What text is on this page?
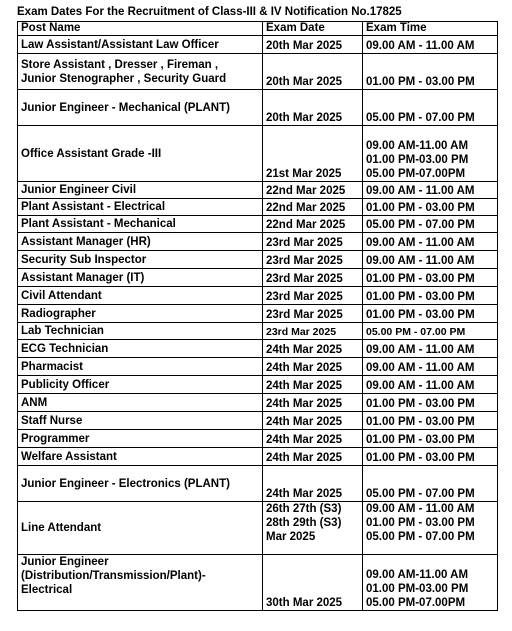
Exam Dates For the Recruitment of Class-III & IV Notification No.17825
Post Name	Exam Date	Exam Time

Law Assistant/Assistant Law Officer	20th Mar 2025	09.00 AM - 11.00 AM

Store Assistant , Dresser , Fireman ,
Junior Stenographer , Security Guard	20th Mar 2025	01.00 PM - 03.00 PM

Junior Engineer - Mechanical (PLANT)	20th Mar 2025	05.00 PM - 07.00 PM

Office Assistant Grade -III	21st Mar 2025	09.00 AM-11.00 AM
01.00 PM-03.00 PM
05.00 PM-07.00PM

Junior Engineer Civil	22nd Mar 2025	09.00 AM - 11.00 AM

Plant Assistant - Electrical	22nd Mar 2025	01.00 PM - 03.00 PM

Plant Assistant - Mechanical	22nd Mar 2025	05.00 PM - 07.00 PM

Assistant Manager (HR)	23rd Mar 2025	09.00 AM - 11.00 AM

Security Sub Inspector	23rd Mar 2025	09.00 AM - 11.00 AM

Assistant Manager (IT)	23rd Mar 2025	01.00 PM - 03.00 PM

Civil Attendant	23rd Mar 2025	01.00 PM - 03.00 PM

Radiographer	23rd Mar 2025	01.00 PM - 03.00 PM

Lab Technician	23rd Mar 2025	05.00 PM - 07.00 PM

ECG Technician	24th Mar 2025	09.00 AM - 11.00 AM

Pharmacist	24th Mar 2025	09.00 AM - 11.00 AM

Publicity Officer	24th Mar 2025	09.00 AM - 11.00 AM

ANM	24th Mar 2025	01.00 PM - 03.00 PM

Staff Nurse	24th Mar 2025	01.00 PM - 03.00 PM

Programmer	24th Mar 2025	01.00 PM - 03.00 PM

Welfare Assistant	24th Mar 2025	01.00 PM - 03.00 PM

Junior Engineer - Electronics (PLANT)	24th Mar 2025	05.00 PM - 07.00 PM

Line Attendant	26th 27th (S3)
28th 29th (S3)
Mar 2025	09.00 AM - 11.00 AM
01.00 PM - 03.00 PM
05.00 PM - 07.00 PM

Junior Engineer
(Distribution/Transmission/Plant)-
Electrical	30th Mar 2025	09.00 AM-11.00 AM
01.00 PM-03.00 PM
05.00 PM-07.00PM
